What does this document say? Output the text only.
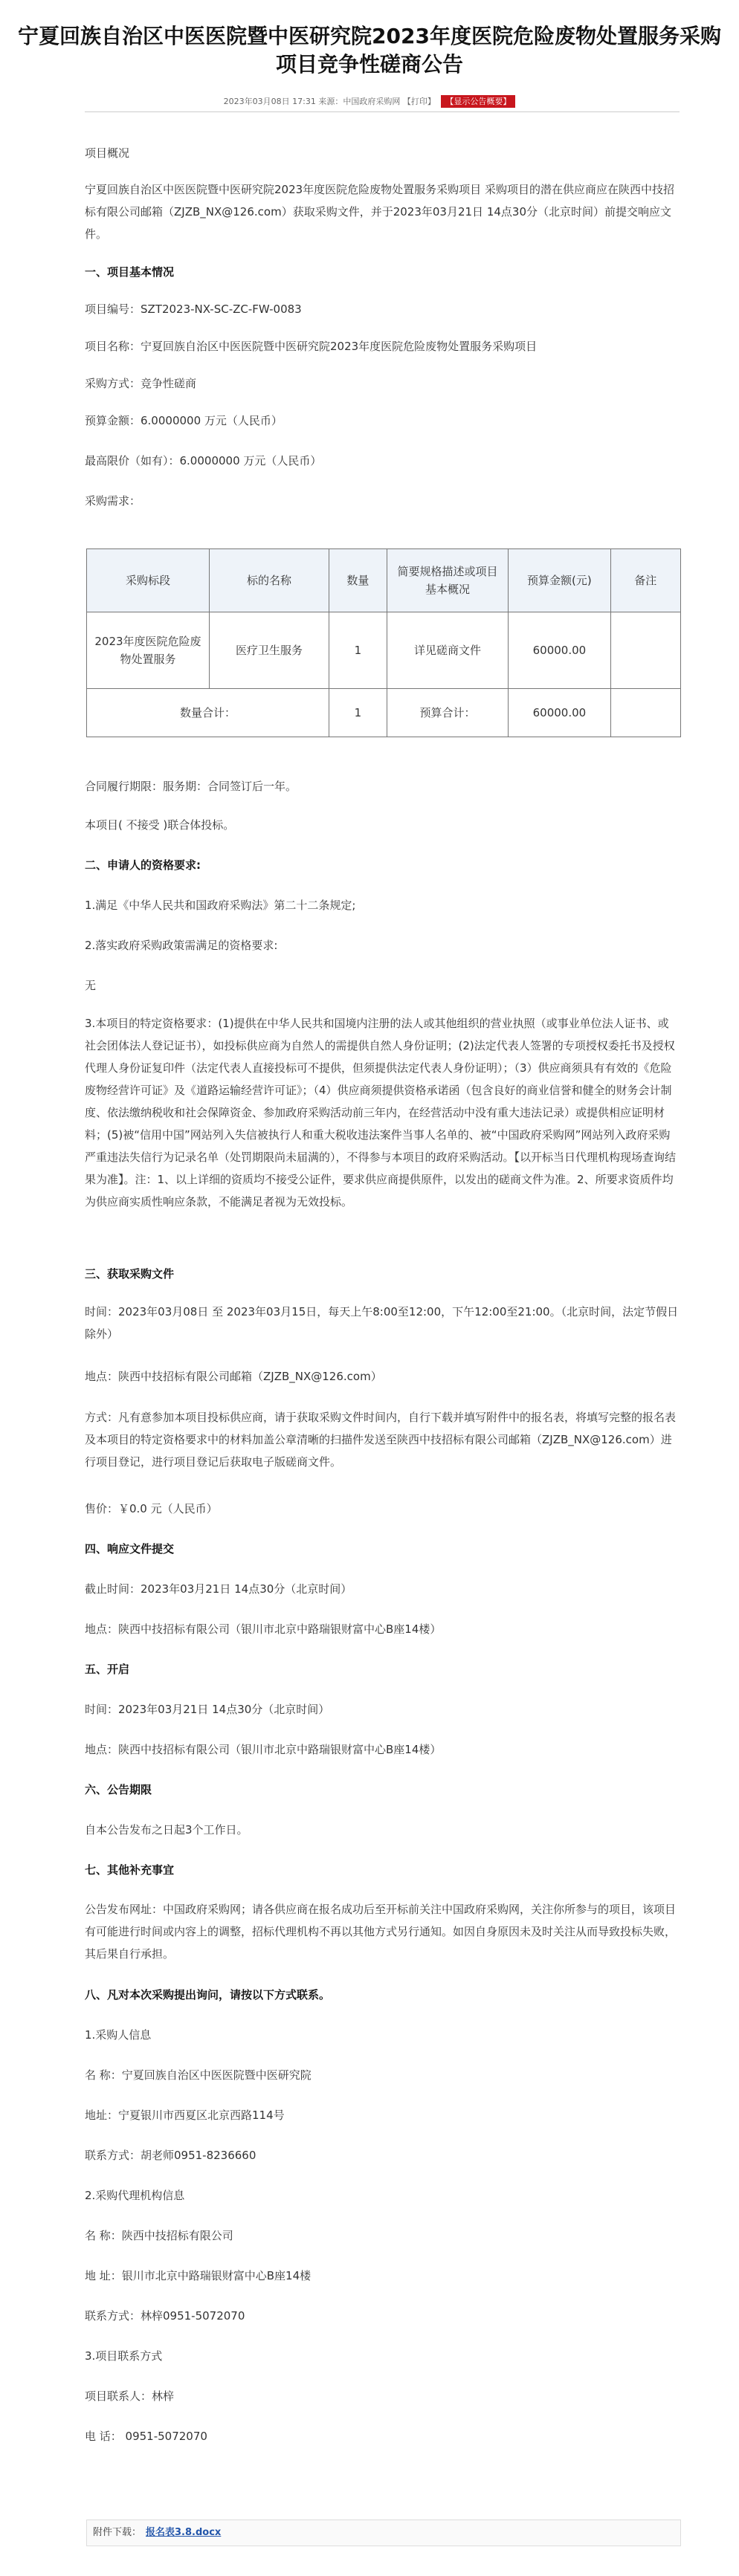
宁夏回族自治区中医医院暨中医研究院2023年度医院危险废物处置服务采购项目竞争性磋商公告
2023年03月08日 17:31 来源：中国政府采购网 【打印】 【显示公告概要】
项目概况
宁夏回族自治区中医医院暨中医研究院2023年度医院危险废物处置服务采购项目 采购项目的潜在供应商应在陕西中技招标有限公司邮箱（ZJZB_NX@126.com）获取采购文件，并于2023年03月21日 14点30分（北京时间）前提交响应文件。
一、项目基本情况
项目编号：SZT2023-NX-SC-ZC-FW-0083
项目名称：宁夏回族自治区中医医院暨中医研究院2023年度医院危险废物处置服务采购项目
采购方式：竞争性磋商
预算金额：6.0000000 万元（人民币）
最高限价（如有）：6.0000000 万元（人民币）
采购需求：
采购标段	标的名称	数量	简要规格描述或项目基本概况	预算金额(元)	备注
2023年度医院危险废物处置服务	医疗卫生服务	1	详见磋商文件	60000.00	
数量合计：		1	预算合计：	60000.00	
合同履行期限：服务期：合同签订后一年。
本项目( 不接受 )联合体投标。
二、申请人的资格要求:
1.满足《中华人民共和国政府采购法》第二十二条规定;
2.落实政府采购政策需满足的资格要求:
无
3.本项目的特定资格要求：(1)提供在中华人民共和国境内注册的法人或其他组织的营业执照（或事业单位法人证书、或社会团体法人登记证书），如投标供应商为自然人的需提供自然人身份证明；(2)法定代表人签署的专项授权委托书及授权代理人身份证复印件（法定代表人直接投标可不提供，但须提供法定代表人身份证明）；（3）供应商须具有有效的《危险废物经营许可证》及《道路运输经营许可证》；（4）供应商须提供资格承诺函（包含良好的商业信誉和健全的财务会计制度、依法缴纳税收和社会保障资金、参加政府采购活动前三年内，在经营活动中没有重大违法记录）或提供相应证明材料；(5)被“信用中国”网站列入失信被执行人和重大税收违法案件当事人名单的、被“中国政府采购网”网站列入政府采购严重违法失信行为记录名单（处罚期限尚未届满的），不得参与本项目的政府采购活动。【以开标当日代理机构现场查询结果为准】。注：1、以上详细的资质均不接受公证件，要求供应商提供原件，以发出的磋商文件为准。2、所要求资质件均为供应商实质性响应条款，不能满足者视为无效投标。
三、获取采购文件
时间：2023年03月08日 至 2023年03月15日，每天上午8:00至12:00，下午12:00至21:00。（北京时间，法定节假日除外）
地点：陕西中技招标有限公司邮箱（ZJZB_NX@126.com）
方式：凡有意参加本项目投标供应商，请于获取采购文件时间内，自行下载并填写附件中的报名表，将填写完整的报名表及本项目的特定资格要求中的材料加盖公章清晰的扫描件发送至陕西中技招标有限公司邮箱（ZJZB_NX@126.com）进行项目登记，进行项目登记后获取电子版磋商文件。
售价：￥0.0 元（人民币）
四、响应文件提交
截止时间：2023年03月21日 14点30分（北京时间）
地点：陕西中技招标有限公司（银川市北京中路瑞银财富中心B座14楼）
五、开启
时间：2023年03月21日 14点30分（北京时间）
地点：陕西中技招标有限公司（银川市北京中路瑞银财富中心B座14楼）
六、公告期限
自本公告发布之日起3个工作日。
七、其他补充事宜
公告发布网址：中国政府采购网；请各供应商在报名成功后至开标前关注中国政府采购网，关注你所参与的项目，该项目有可能进行时间或内容上的调整，招标代理机构不再以其他方式另行通知。如因自身原因未及时关注从而导致投标失败，其后果自行承担。
八、凡对本次采购提出询问，请按以下方式联系。
1.采购人信息
名 称：宁夏回族自治区中医医院暨中医研究院
地址：宁夏银川市西夏区北京西路114号
联系方式：胡老师0951-8236660
2.采购代理机构信息
名 称：陕西中技招标有限公司
地 址：银川市北京中路瑞银财富中心B座14楼
联系方式：林梓0951-5072070
3.项目联系方式
项目联系人：林梓
电 话： 0951-5072070
附件下载： 报名表3.8.docx
